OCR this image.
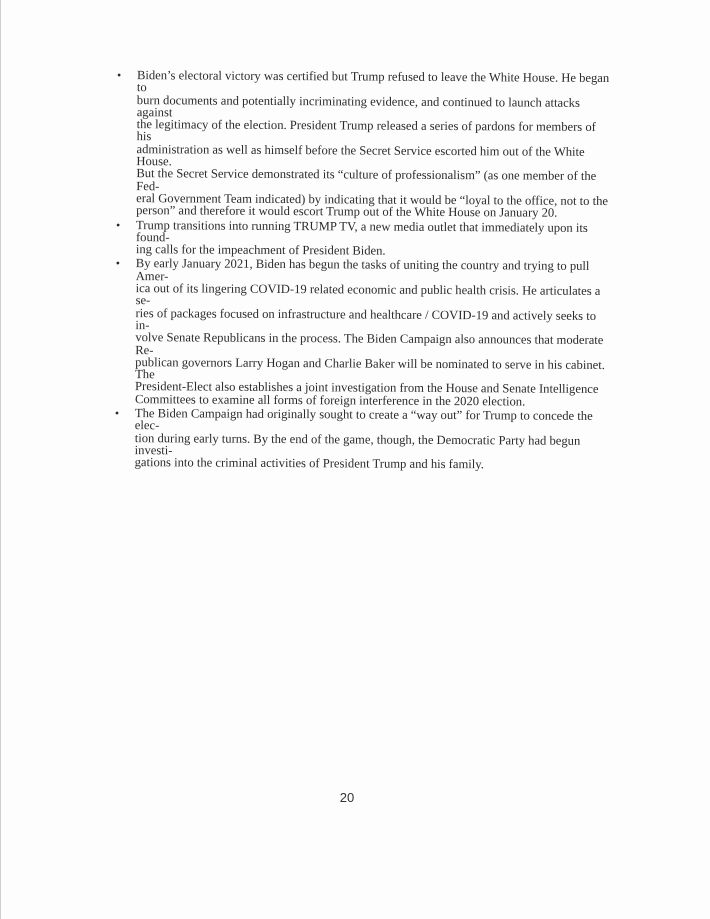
• Biden’s electoral victory was certified but Trump refused to leave the White House. He began to
burn documents and potentially incriminating evidence, and continued to launch attacks against
the legitimacy of the election. President Trump released a series of pardons for members of his
administration as well as himself before the Secret Service escorted him out of the White House.
But the Secret Service demonstrated its “culture of professionalism” (as one member of the Fed-
eral Government Team indicated) by indicating that it would be “loyal to the office, not to the
person” and therefore it would escort Trump out of the White House on January 20.
• Trump transitions into running TRUMP TV, a new media outlet that immediately upon its found-
ing calls for the impeachment of President Biden.
• By early January 2021, Biden has begun the tasks of uniting the country and trying to pull Amer-
ica out of its lingering COVID-19 related economic and public health crisis. He articulates a se-
ries of packages focused on infrastructure and healthcare / COVID-19 and actively seeks to in-
volve Senate Republicans in the process. The Biden Campaign also announces that moderate Re-
publican governors Larry Hogan and Charlie Baker will be nominated to serve in his cabinet. The
President-Elect also establishes a joint investigation from the House and Senate Intelligence
Committees to examine all forms of foreign interference in the 2020 election.
• The Biden Campaign had originally sought to create a “way out” for Trump to concede the elec-
tion during early turns. By the end of the game, though, the Democratic Party had begun investi-
gations into the criminal activities of President Trump and his family.
20
